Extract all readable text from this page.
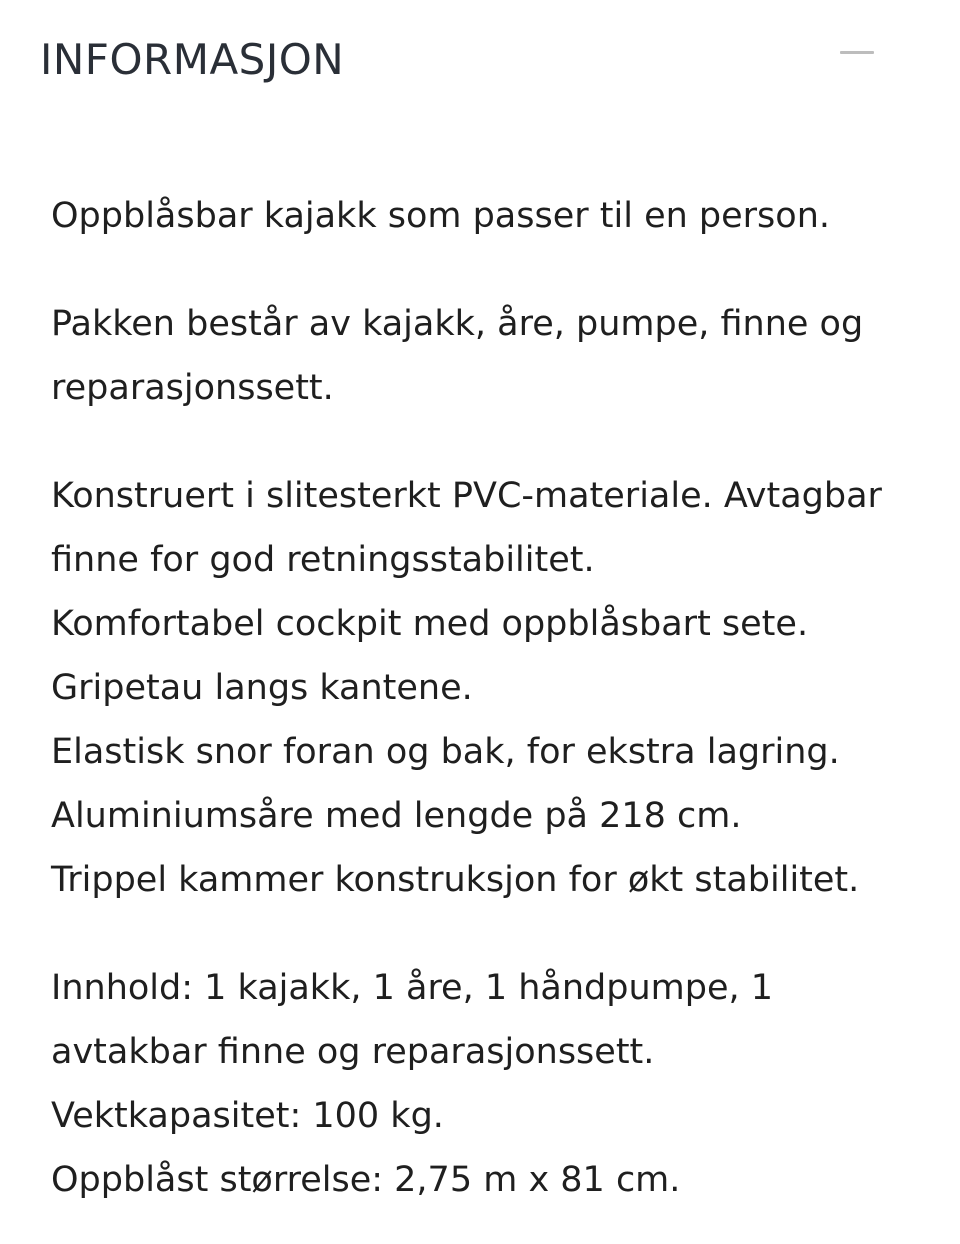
INFORMASJON

Oppblåsbar kajakk som passer til en person.

Pakken består av kajakk, åre, pumpe, finne og
reparasjonssett.

Konstruert i slitesterkt PVC-materiale. Avtagbar
finne for god retningsstabilitet.
Komfortabel cockpit med oppblåsbart sete.
Gripetau langs kantene.
Elastisk snor foran og bak, for ekstra lagring.
Aluminiumsåre med lengde på 218 cm.
Trippel kammer konstruksjon for økt stabilitet.

Innhold: 1 kajakk, 1 åre, 1 håndpumpe, 1
avtakbar finne og reparasjonssett.
Vektkapasitet: 100 kg.
Oppblåst størrelse: 2,75 m x 81 cm.
